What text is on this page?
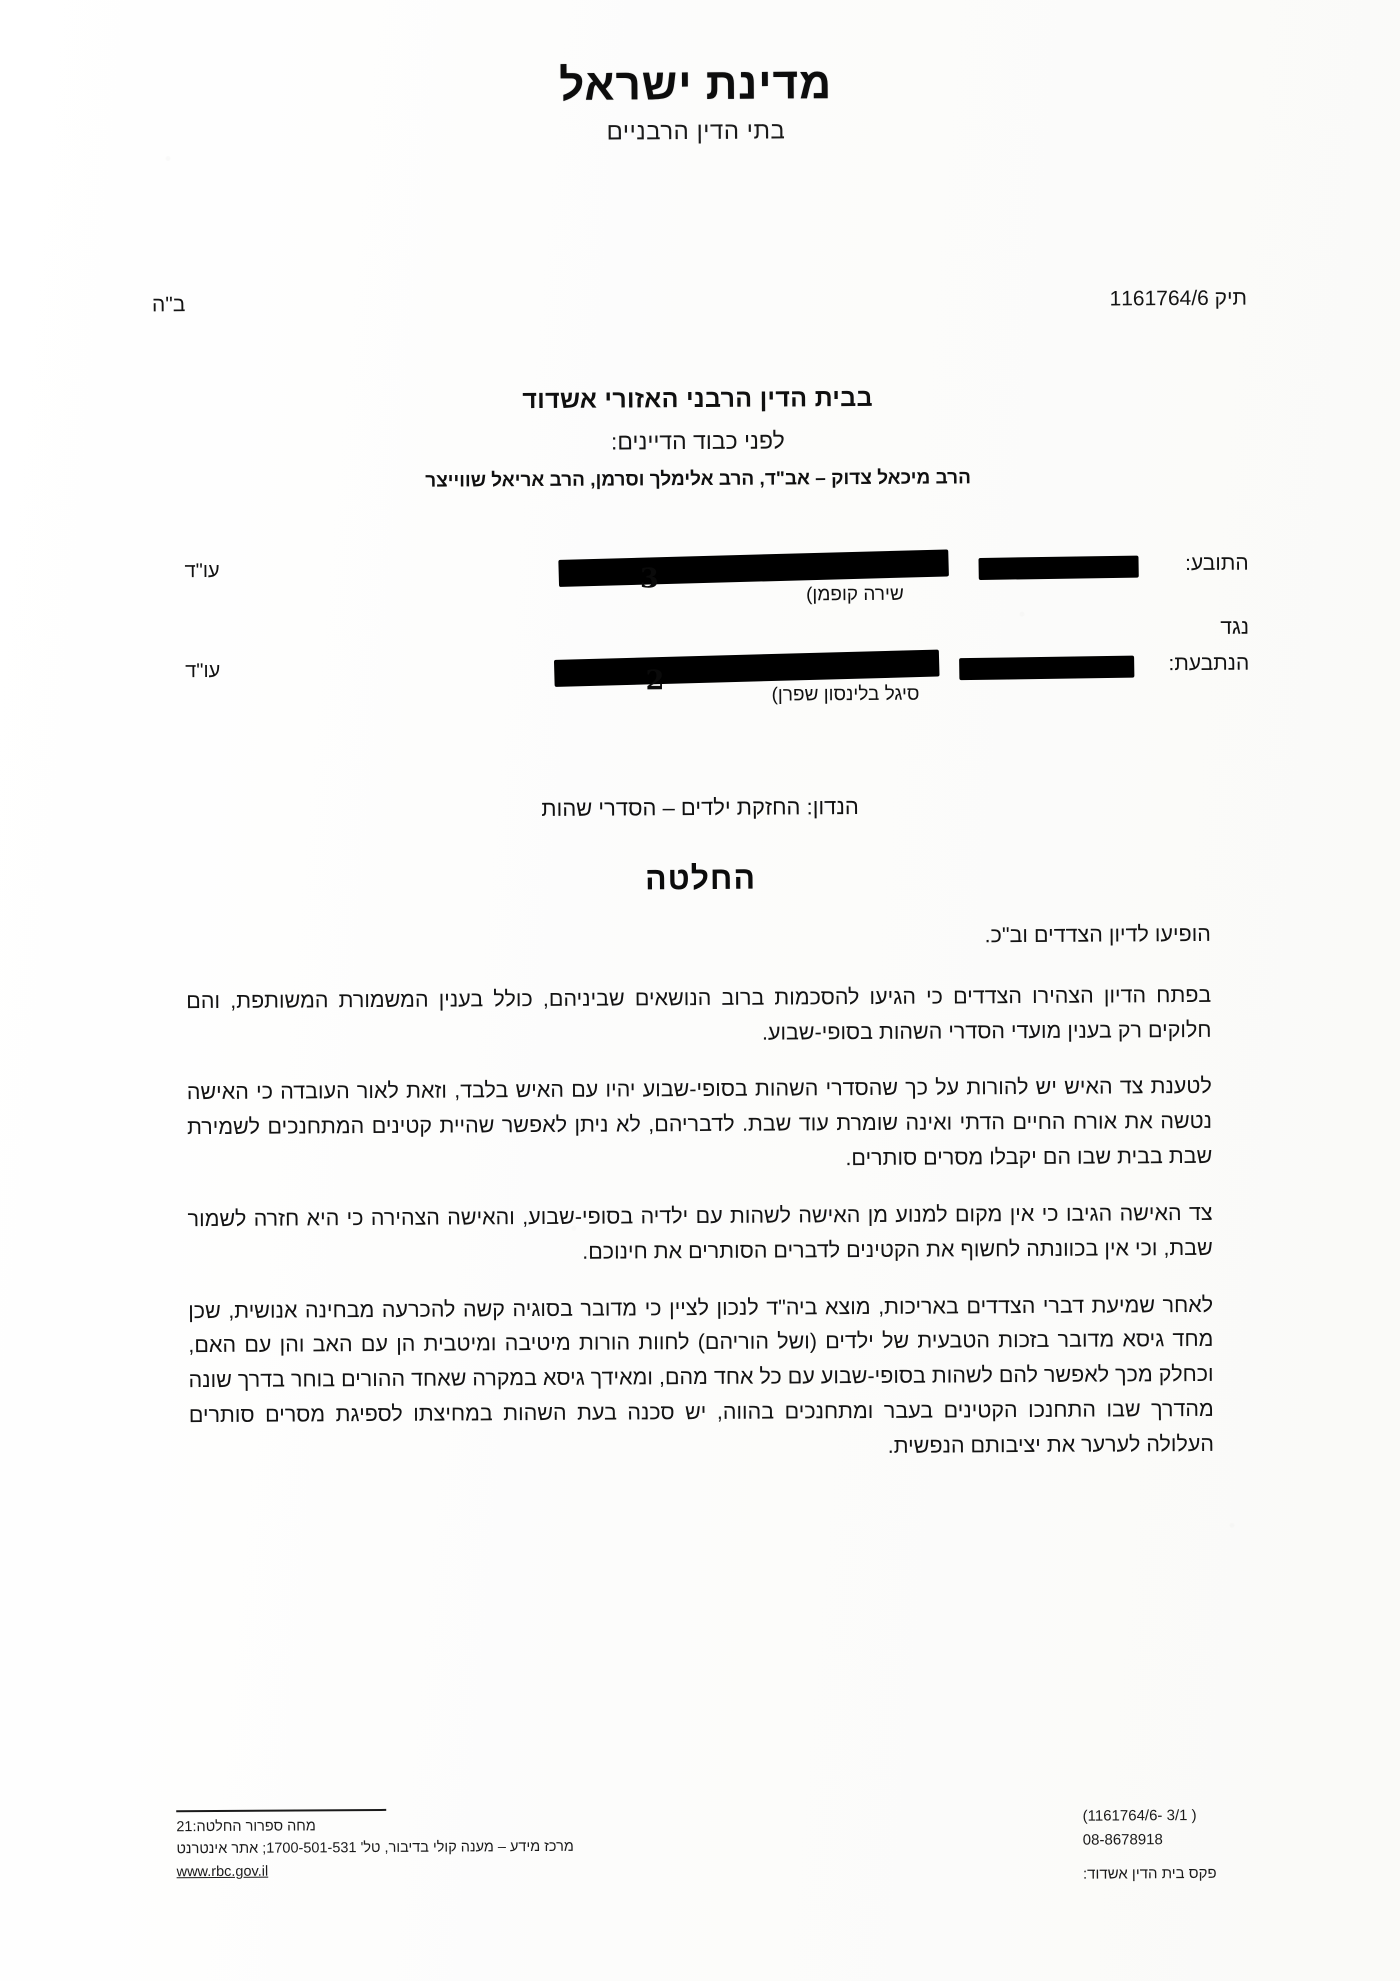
מדינת ישראל
בתי הדין הרבניים
תיק 1161764/6
ב"ה
בבית הדין הרבני האזורי אשדוד
לפני כבוד הדיינים:
הרב מיכאל צדוק – אב"ד, הרב אלימלך וסרמן, הרב אריאל שווייצר
התובע:
עו"ד
שירה קופמן)
3
נגד
הנתבעת:
עו"ד
סיגל בלינסון שפרן)
2
הנדון: החזקת ילדים – הסדרי שהות
החלטה

הופיעו לדיון הצדדים וב"כ.

בפתח הדיון הצהירו הצדדים כי הגיעו להסכמות ברוב הנושאים שביניהם, כולל בענין המשמורת המשותפת, והם חלוקים רק בענין מועדי הסדרי השהות בסופי-שבוע.

לטענת צד האיש יש להורות על כך שהסדרי השהות בסופי-שבוע יהיו עם האיש בלבד, וזאת לאור העובדה כי האישה נטשה את אורח החיים הדתי ואינה שומרת עוד שבת. לדבריהם, לא ניתן לאפשר שהיית קטינים המתחנכים לשמירת שבת בבית שבו הם יקבלו מסרים סותרים.

צד האישה הגיבו כי אין מקום למנוע מן האישה לשהות עם ילדיה בסופי-שבוע, והאישה הצהירה כי היא חזרה לשמור שבת, וכי אין בכוונתה לחשוף את הקטינים לדברים הסותרים את חינוכם.

לאחר שמיעת דברי הצדדים באריכות, מוצא ביה"ד לנכון לציין כי מדובר בסוגיה קשה להכרעה מבחינה אנושית, שכן מחד גיסא מדובר בזכות הטבעית של ילדים (ושל הוריהם) לחוות הורות מיטיבה ומיטבית הן עם האב והן עם האם, וכחלק מכך לאפשר להם לשהות בסופי-שבוע עם כל אחד מהם, ומאידך גיסא במקרה שאחד ההורים בוחר בדרך שונה מהדרך שבו התחנכו הקטינים בעבר ומתחנכים בהווה, יש סכנה בעת השהות במחיצתו לספיגת מסרים סותרים העלולה לערער את יציבותם הנפשית.

(1161764/6- 3/1 )
08-8678918
פקס בית הדין אשדוד:
מחה ספרור החלטה:21
מרכז מידע – מענה קולי בדיבור, טל' 1700-501-531; אתר אינטרנט
www.rbc.gov.il
